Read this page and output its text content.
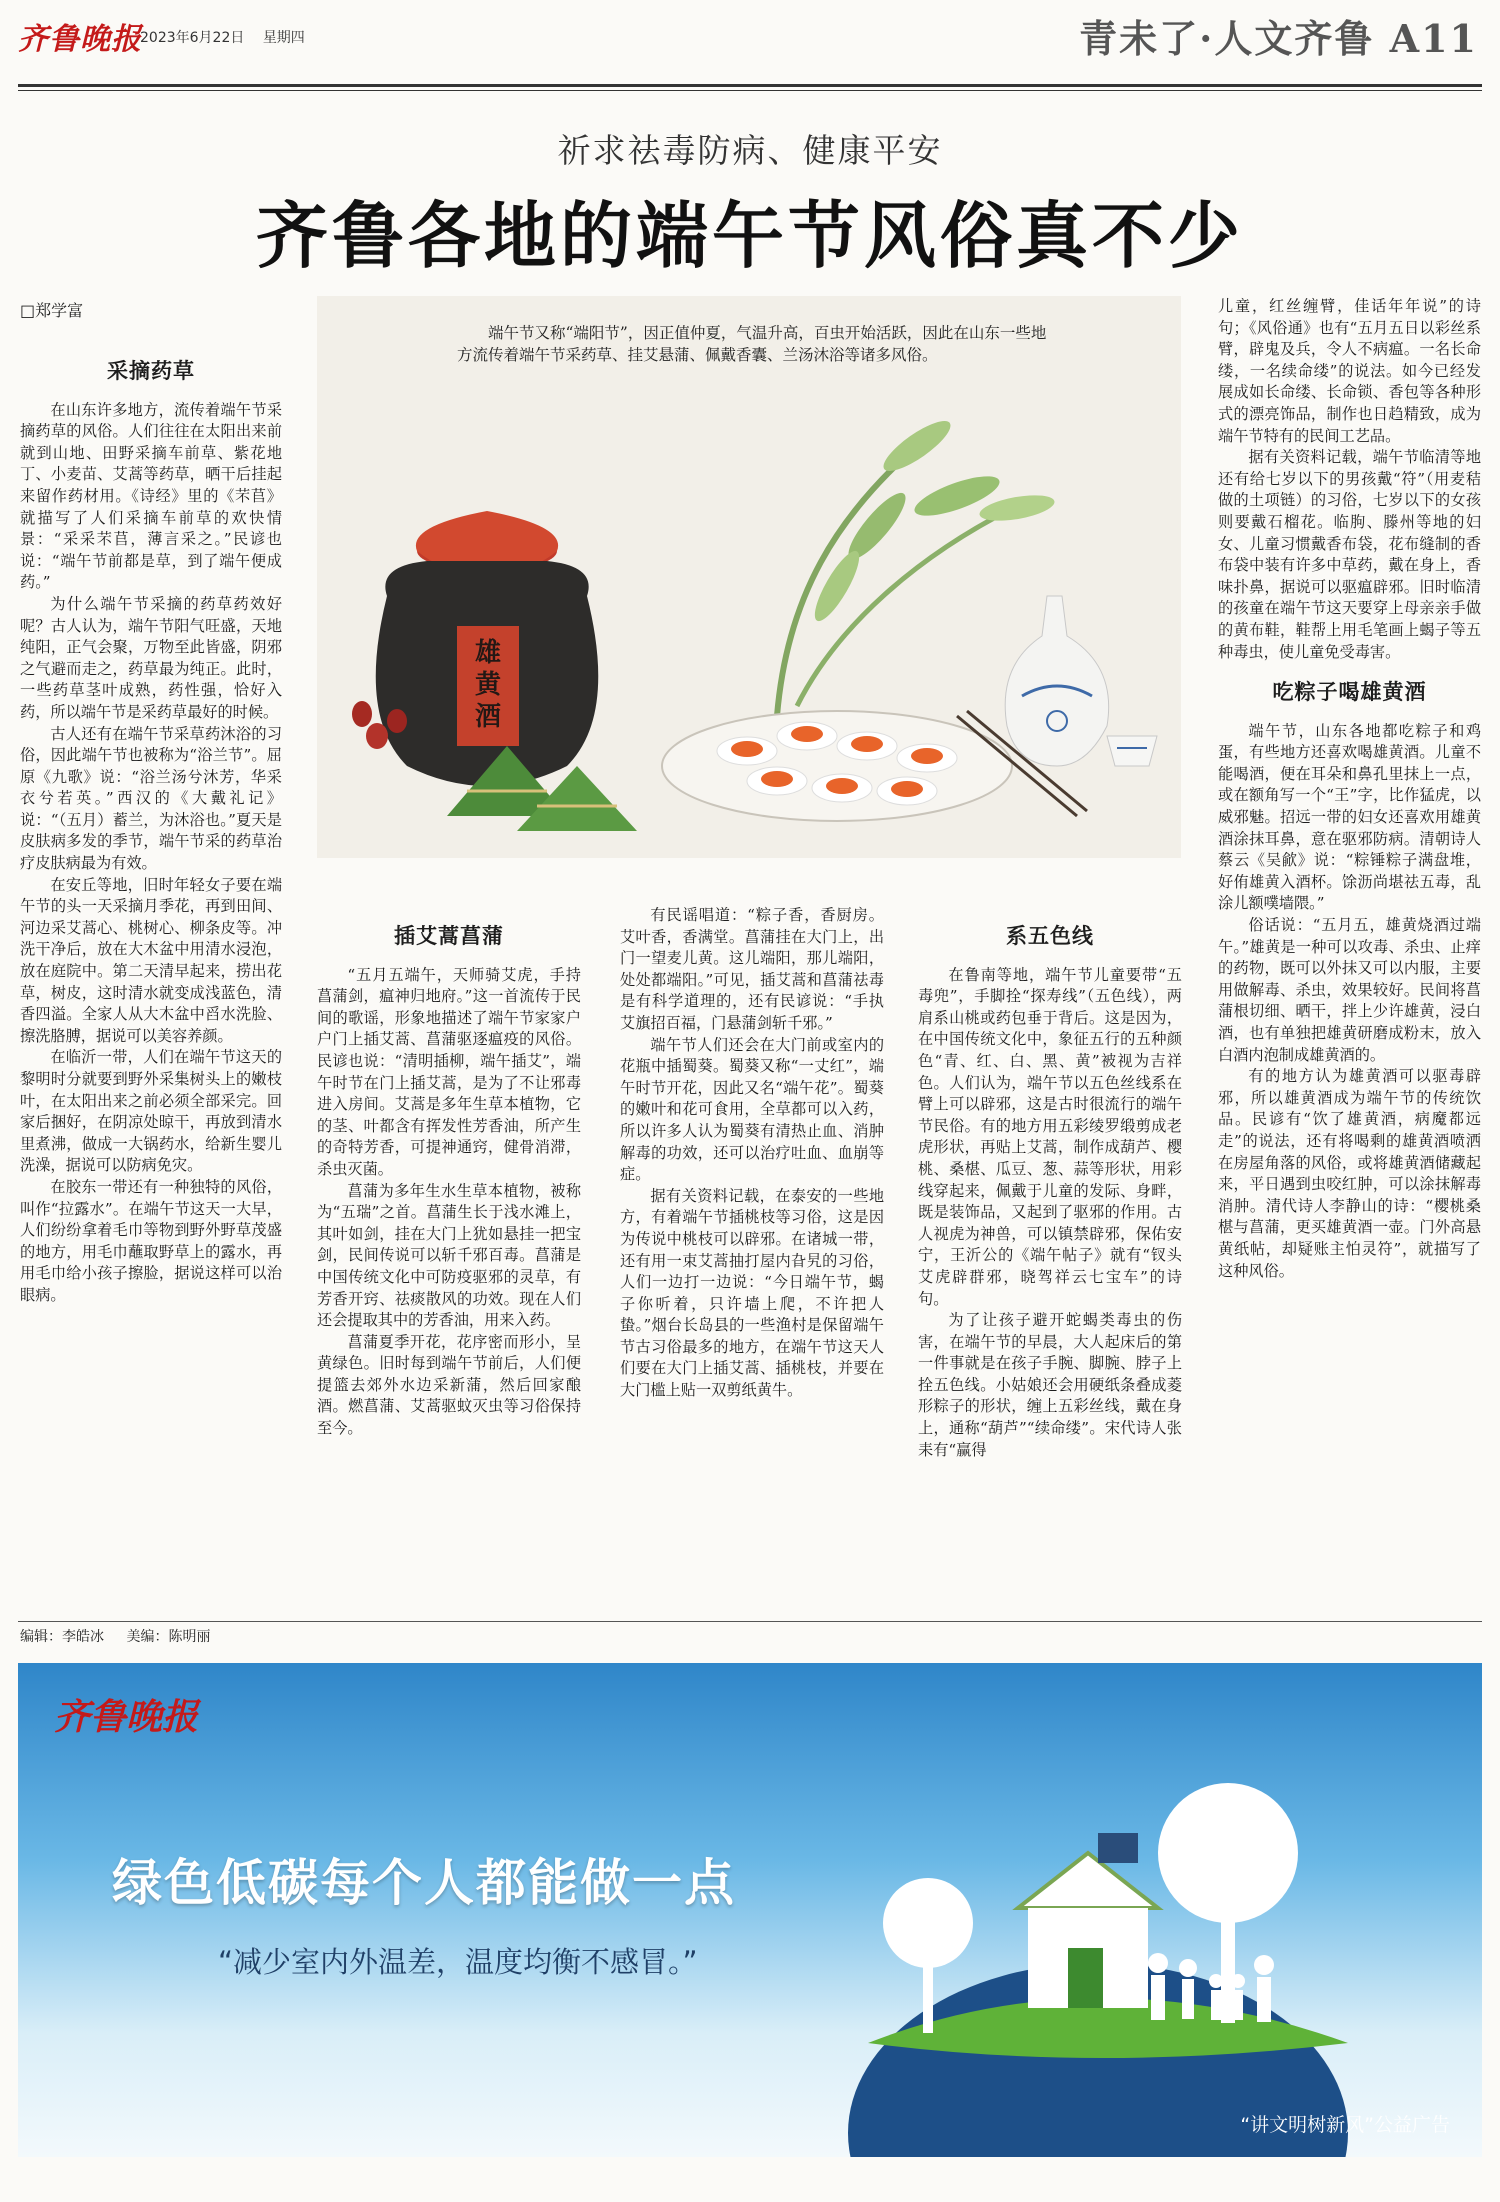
齐鲁晚报
2023年6月22日 星期四	青未了·人文齐鲁 A11
祈求祛毒防病、健康平安
齐鲁各地的端午节风俗真不少
□郑学富
采摘药草

在山东许多地方，流传着端午节采摘药草的风俗。人们往往在太阳出来前就到山地、田野采摘车前草、紫花地丁、小麦苗、艾蒿等药草，晒干后挂起来留作药材用。《诗经》里的《芣苢》就描写了人们采摘车前草的欢快情景：“采采芣苢，薄言采之。”民谚也说：“端午节前都是草，到了端午便成药。”

为什么端午节采摘的药草药效好呢？古人认为，端午节阳气旺盛，天地纯阳，正气会聚，万物至此皆盛，阴邪之气避而走之，药草最为纯正。此时，一些药草茎叶成熟，药性强，恰好入药，所以端午节是采药草最好的时候。

古人还有在端午节采草药沐浴的习俗，因此端午节也被称为“浴兰节”。屈原《九歌》说：“浴兰汤兮沐芳，华采衣兮若英。”西汉的《大戴礼记》说：“（五月）蓄兰，为沐浴也。”夏天是皮肤病多发的季节，端午节采的药草治疗皮肤病最为有效。

在安丘等地，旧时年轻女子要在端午节的头一天采摘月季花，再到田间、河边采艾蒿心、桃树心、柳条皮等。冲洗干净后，放在大木盆中用清水浸泡，放在庭院中。第二天清早起来，捞出花草，树皮，这时清水就变成浅蓝色，清香四溢。全家人从大木盆中舀水洗脸、擦洗胳膊，据说可以美容养颜。

在临沂一带，人们在端午节这天的黎明时分就要到野外采集树头上的嫩枝叶，在太阳出来之前必须全部采完。回家后捆好，在阴凉处晾干，再放到清水里煮沸，做成一大锅药水，给新生婴儿洗澡，据说可以防病免灾。

在胶东一带还有一种独特的风俗，叫作“拉露水”。在端午节这天一大早，人们纷纷拿着毛巾等物到野外野草茂盛的地方，用毛巾蘸取野草上的露水，再用毛巾给小孩子擦脸，据说这样可以治眼病。

端午节又称“端阳节”，因正值仲夏，气温升高，百虫开始活跃，因此在山东一些地方流传着端午节采药草、挂艾悬蒲、佩戴香囊、兰汤沐浴等诸多风俗。

雄
黄
酒
插艾蒿菖蒲

“五月五端午，天师骑艾虎，手持菖蒲剑，瘟神归地府。”这一首流传于民间的歌谣，形象地描述了端午节家家户户门上插艾蒿、菖蒲驱逐瘟疫的风俗。民谚也说：“清明插柳，端午插艾”，端午时节在门上插艾蒿，是为了不让邪毒进入房间。艾蒿是多年生草本植物，它的茎、叶都含有挥发性芳香油，所产生的奇特芳香，可提神通窍，健骨消滞，杀虫灭菌。

菖蒲为多年生水生草本植物，被称为“五瑞”之首。菖蒲生长于浅水滩上，其叶如剑，挂在大门上犹如悬挂一把宝剑，民间传说可以斩千邪百毒。菖蒲是中国传统文化中可防疫驱邪的灵草，有芳香开窍、祛痰散风的功效。现在人们还会提取其中的芳香油，用来入药。

菖蒲夏季开花，花序密而形小，呈黄绿色。旧时每到端午节前后，人们便提篮去郊外水边采新蒲，然后回家酿酒。燃菖蒲、艾蒿驱蚊灭虫等习俗保持至今。

有民谣唱道：“粽子香，香厨房。艾叶香，香满堂。菖蒲挂在大门上，出门一望麦儿黄。这儿端阳，那儿端阳，处处都端阳。”可见，插艾蒿和菖蒲祛毒是有科学道理的，还有民谚说：“手执艾旗招百福，门悬蒲剑斩千邪。”

端午节人们还会在大门前或室内的花瓶中插蜀葵。蜀葵又称“一丈红”，端午时节开花，因此又名“端午花”。蜀葵的嫩叶和花可食用，全草都可以入药，所以许多人认为蜀葵有清热止血、消肿解毒的功效，还可以治疗吐血、血崩等症。

据有关资料记载，在泰安的一些地方，有着端午节插桃枝等习俗，这是因为传说中桃枝可以辟邪。在诸城一带，还有用一束艾蒿抽打屋内旮旯的习俗，人们一边打一边说：“今日端午节，蝎子你听着，只许墙上爬，不许把人蛰。”烟台长岛县的一些渔村是保留端午节古习俗最多的地方，在端午节这天人们要在大门上插艾蒿、插桃枝，并要在大门槛上贴一双剪纸黄牛。

系五色线

在鲁南等地，端午节儿童要带“五毒兜”，手脚拴“探寿线”（五色线），两肩系山桃或药包垂于背后。这是因为，在中国传统文化中，象征五行的五种颜色“青、红、白、黑、黄”被视为吉祥色。人们认为，端午节以五色丝线系在臂上可以辟邪，这是古时很流行的端午节民俗。有的地方用五彩绫罗缎剪成老虎形状，再贴上艾蒿，制作成葫芦、樱桃、桑椹、瓜豆、葱、蒜等形状，用彩线穿起来，佩戴于儿童的发际、身畔，既是装饰品，又起到了驱邪的作用。古人视虎为神兽，可以镇禁辟邪，保佑安宁，王沂公的《端午帖子》就有“钗头艾虎辟群邪，晓驾祥云七宝车”的诗句。

为了让孩子避开蛇蝎类毒虫的伤害，在端午节的早晨，大人起床后的第一件事就是在孩子手腕、脚腕、脖子上拴五色线。小姑娘还会用硬纸条叠成菱形粽子的形状，缠上五彩丝线，戴在身上，通称“葫芦”“续命缕”。宋代诗人张耒有“赢得

儿童，红丝缠臂，佳话年年说”的诗句；《风俗通》也有“五月五日以彩丝系臂，辟鬼及兵，令人不病瘟。一名长命缕，一名续命缕”的说法。如今已经发展成如长命缕、长命锁、香包等各种形式的漂亮饰品，制作也日趋精致，成为端午节特有的民间工艺品。

据有关资料记载，端午节临清等地还有给七岁以下的男孩戴“符”（用麦秸做的土项链）的习俗，七岁以下的女孩则要戴石榴花。临朐、滕州等地的妇女、儿童习惯戴香布袋，花布缝制的香布袋中装有许多中草药，戴在身上，香味扑鼻，据说可以驱瘟辟邪。旧时临清的孩童在端午节这天要穿上母亲亲手做的黄布鞋，鞋帮上用毛笔画上蝎子等五种毒虫，使儿童免受毒害。

吃粽子喝雄黄酒

端午节，山东各地都吃粽子和鸡蛋，有些地方还喜欢喝雄黄酒。儿童不能喝酒，便在耳朵和鼻孔里抹上一点，或在额角写一个“王”字，比作猛虎，以威邪魅。招远一带的妇女还喜欢用雄黄酒涂抹耳鼻，意在驱邪防病。清朝诗人蔡云《吴歈》说：“粽锤粽子满盘堆，好侑雄黄入酒杯。馀沥尚堪祛五毒，乱涂儿额噗墙隈。”

俗话说：“五月五，雄黄烧酒过端午。”雄黄是一种可以攻毒、杀虫、止痒的药物，既可以外抹又可以内服，主要用做解毒、杀虫，效果较好。民间将菖蒲根切细、晒干，拌上少许雄黄，浸白酒，也有单独把雄黄研磨成粉末，放入白酒内泡制成雄黄酒的。

有的地方认为雄黄酒可以驱毒辟邪，所以雄黄酒成为端午节的传统饮品。民谚有“饮了雄黄酒，病魔都远走”的说法，还有将喝剩的雄黄酒喷洒在房屋角落的风俗，或将雄黄酒储藏起来，平日遇到虫咬红肿，可以涂抹解毒消肿。清代诗人李静山的诗：“樱桃桑椹与菖蒲，更买雄黄酒一壶。门外高悬黄纸帖，却疑账主怕灵符”，就描写了这种风俗。

编辑：李皓冰 美编：陈明丽
齐鲁晚报
绿色低碳每个人都能做一点
“减少室内外温差，温度均衡不感冒。”
“讲文明树新风”公益广告
